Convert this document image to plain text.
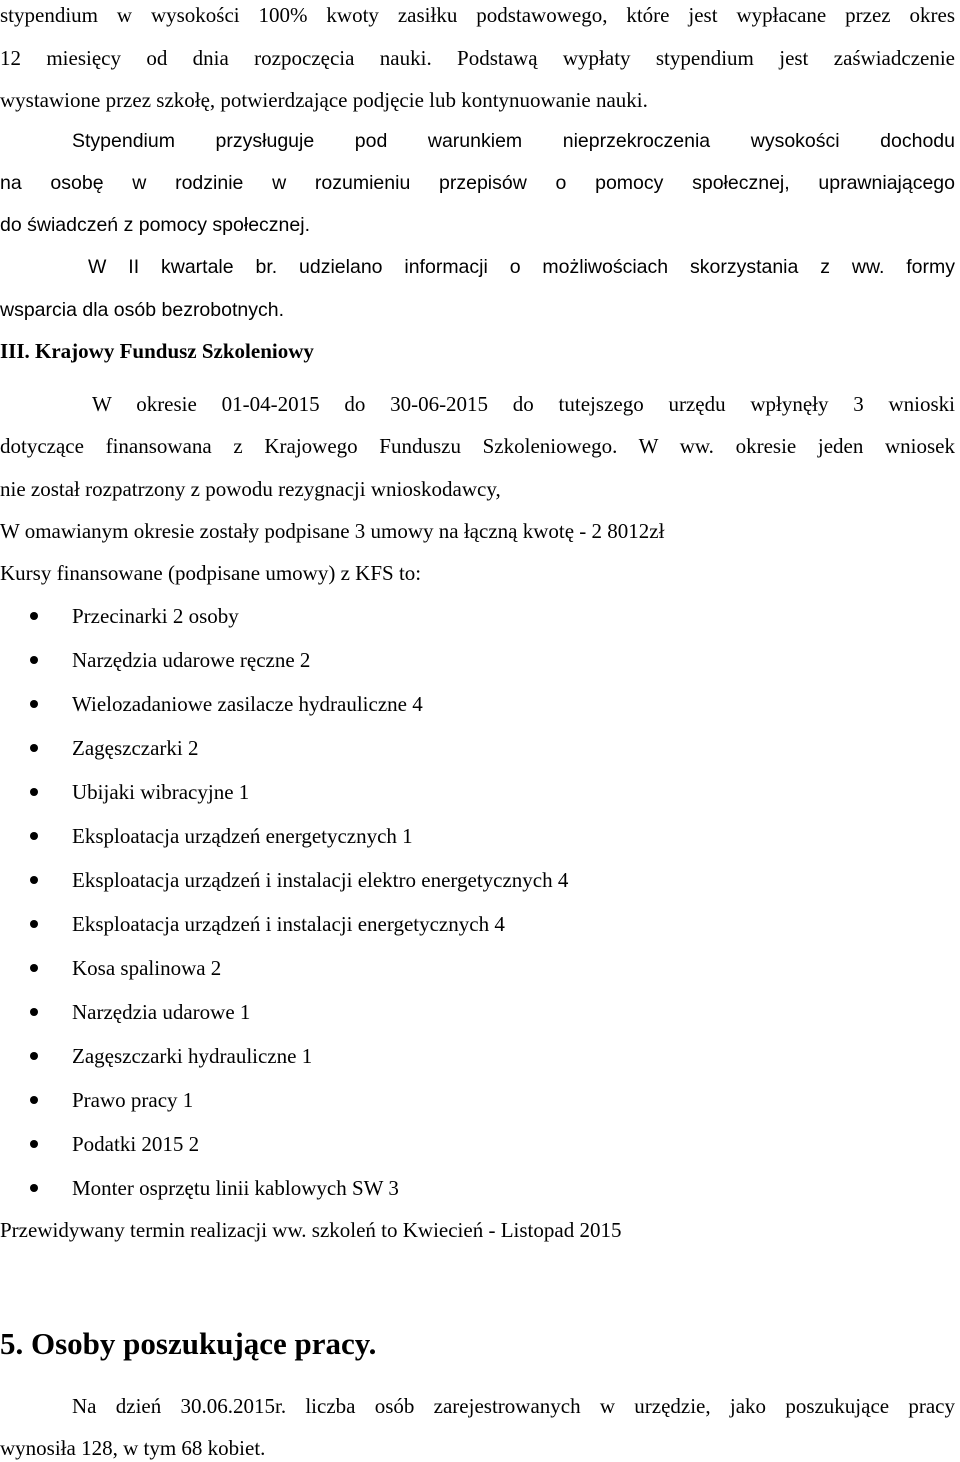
stypendium w wysokości 100% kwoty zasiłku podstawowego, które jest wypłacane przez okres

12 miesięcy od dnia rozpoczęcia nauki. Podstawą wypłaty stypendium jest zaświadczenie

wystawione przez szkołę, potwierdzające podjęcie lub kontynuowanie nauki.

Stypendium przysługuje pod warunkiem nieprzekroczenia wysokości dochodu

na osobę w rodzinie w rozumieniu przepisów o pomocy społecznej, uprawniającego

do świadczeń z pomocy społecznej.

W II kwartale br. udzielano informacji o możliwościach skorzystania z ww. formy

wsparcia dla osób bezrobotnych.

III. Krajowy Fundusz Szkoleniowy

W okresie 01-04-2015 do 30-06-2015 do tutejszego urzędu wpłynęły 3 wnioski

dotyczące finansowana z Krajowego Funduszu Szkoleniowego. W ww. okresie jeden wniosek

nie został rozpatrzony z powodu rezygnacji wnioskodawcy,

W omawianym okresie zostały podpisane 3 umowy na łączną kwotę - 2 8012zł

Kursy finansowane (podpisane umowy) z KFS to:

Przecinarki 2 osoby
Narzędzia udarowe ręczne 2
Wielozadaniowe zasilacze hydrauliczne 4
Zagęszczarki 2
Ubijaki wibracyjne 1
Eksploatacja urządzeń energetycznych 1
Eksploatacja urządzeń i instalacji elektro energetycznych 4
Eksploatacja urządzeń i instalacji energetycznych 4
Kosa spalinowa 2
Narzędzia udarowe 1
Zagęszczarki hydrauliczne 1
Prawo pracy 1
Podatki 2015 2
Monter osprzętu linii kablowych SW 3

Przewidywany termin realizacji ww. szkoleń to Kwiecień - Listopad 2015

5. Osoby poszukujące pracy.

Na dzień 30.06.2015r. liczba osób zarejestrowanych w urzędzie, jako poszukujące pracy

wynosiła 128, w tym 68 kobiet.
